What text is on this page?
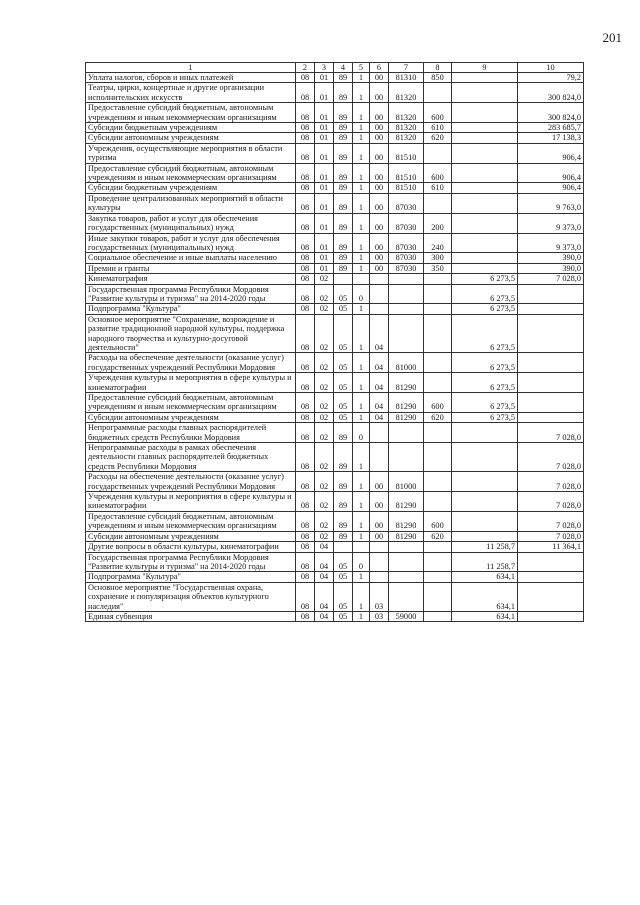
201
1	2	3	4	5	6	7	8	9	10
Уплата налогов, сборов и иных платежей	08	01	89	1	00	81310	850		79,2
Театры, цирки, концертные и другие организации исполнительских искусств	08	01	89	1	00	81320			300 824,0
Предоставление субсидий бюджетным, автономным учреждениям и иным некоммерческим организациям	08	01	89	1	00	81320	600		300 824,0
Субсидии бюджетным учреждениям	08	01	89	1	00	81320	610		283 685,7
Субсидии автономным учреждениям	08	01	89	1	00	81320	620		17 138,3
Учреждения, осуществляющие мероприятия в области туризма	08	01	89	1	00	81510			906,4
Предоставление субсидий бюджетным, автономным учреждениям и иным некоммерческим организациям	08	01	89	1	00	81510	600		906,4
Субсидии бюджетным учреждениям	08	01	89	1	00	81510	610		906,4
Проведение централизованных мероприятий в области культуры	08	01	89	1	00	87030			9 763,0
Закупка товаров, работ и услуг для обеспечения государственных (муниципальных) нужд	08	01	89	1	00	87030	200		9 373,0
Иные закупки товаров, работ и услуг для обеспечения государственных (муниципальных) нужд	08	01	89	1	00	87030	240		9 373,0
Социальное обеспечение и иные выплаты населению	08	01	89	1	00	87030	300		390,0
Премии и гранты	08	01	89	1	00	87030	350		390,0
Кинематография	08	02						6 273,5	7 028,0
Государственная программа Республики Мордовия "Развитие культуры и туризма" на 2014-2020 годы	08	02	05	0				6 273,5	
Подпрограмма "Культура"	08	02	05	1				6 273,5	
Основное мероприятие "Сохранение, возрождение и развитие традиционной народной культуры, поддержка народного творчества и культурно-досуговой деятельности"	08	02	05	1	04			6 273,5	
Расходы на обеспечение деятельности (оказание услуг) государственных учреждений Республики Мордовия	08	02	05	1	04	81000		6 273,5	
Учреждения культуры и мероприятия в сфере культуры и кинематографии	08	02	05	1	04	81290		6 273,5	
Предоставление субсидий бюджетным, автономным учреждениям и иным некоммерческим организациям	08	02	05	1	04	81290	600	6 273,5	
Субсидии автономным учреждениям	08	02	05	1	04	81290	620	6 273,5	
Непрограммные расходы главных распорядителей бюджетных средств Республики Мордовия	08	02	89	0					7 028,0
Непрограммные расходы в рамках обеспечения деятельности главных распорядителей бюджетных средств Республики Мордовия	08	02	89	1					7 028,0
Расходы на обеспечение деятельности (оказание услуг) государственных учреждений Республики Мордовия	08	02	89	1	00	81000			7 028,0
Учреждения культуры и мероприятия в сфере культуры и кинематографии	08	02	89	1	00	81290			7 028,0
Предоставление субсидий бюджетным, автономным учреждениям и иным некоммерческим организациям	08	02	89	1	00	81290	600		7 028,0
Субсидии автономным учреждениям	08	02	89	1	00	81290	620		7 028,0
Другие вопросы в области культуры, кинематографии	08	04						11 258,7	11 364,1
Государственная программа Республики Мордовия "Развитие культуры и туризма" на 2014-2020 годы	08	04	05	0				11 258,7	
Подпрограмма "Культура"	08	04	05	1				634,1	
Основное мероприятие "Государственная охрана, сохранение и популяризация объектов культурного наследия"	08	04	05	1	03			634,1	
Единая субвенция	08	04	05	1	03	59000		634,1	
